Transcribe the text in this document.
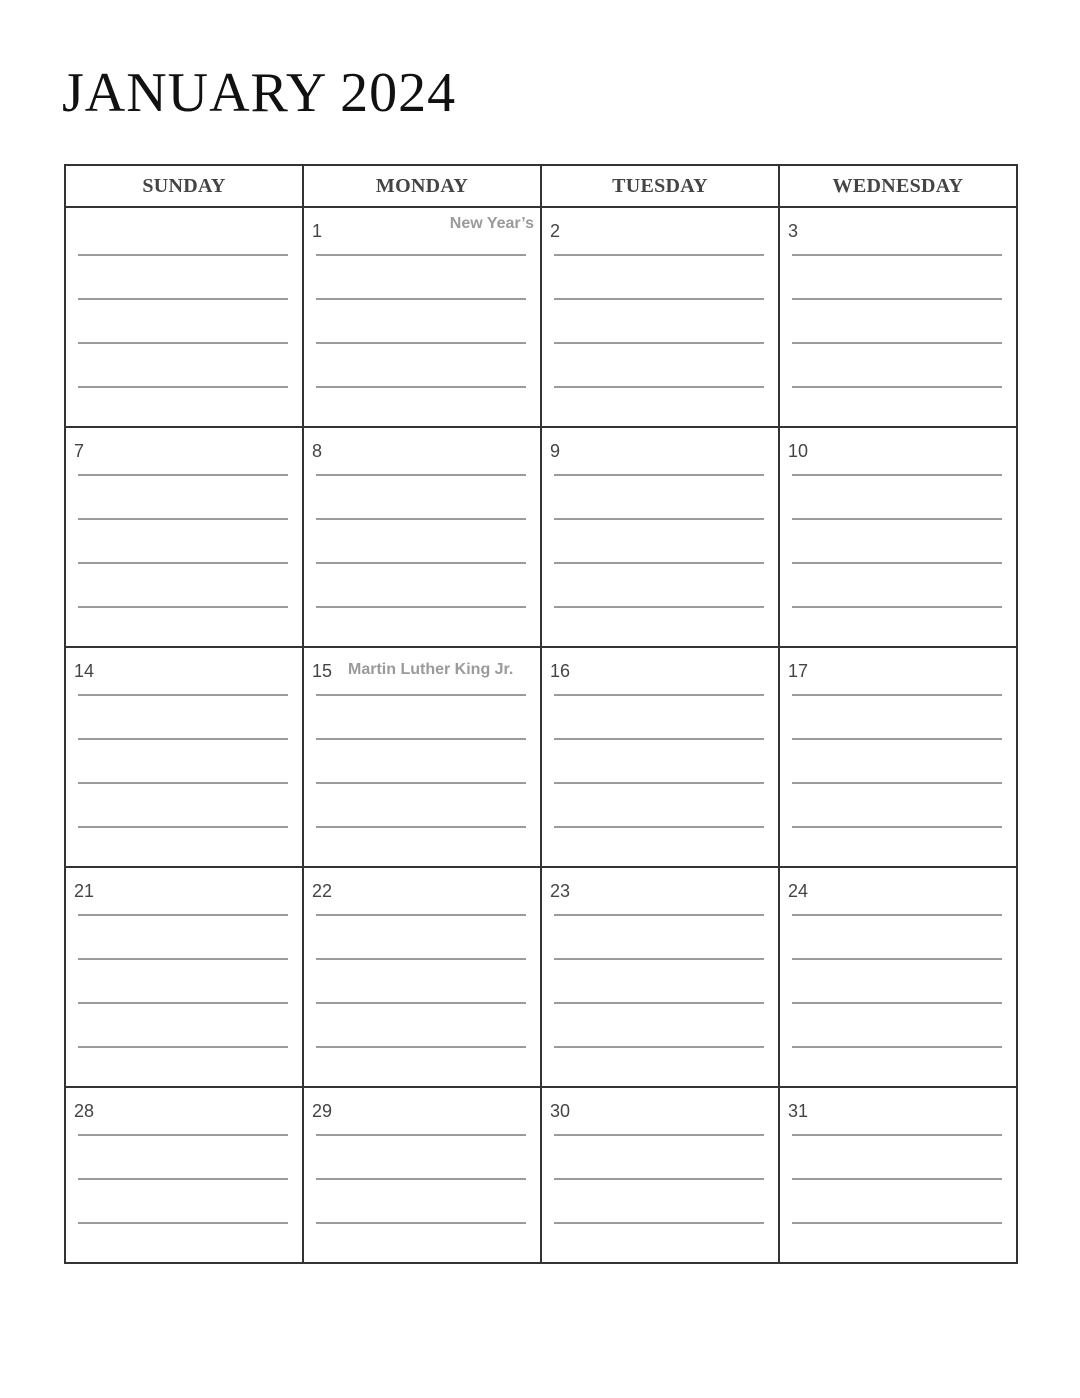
JANUARY 2024
SUNDAY	MONDAY	TUESDAY	WEDNESDAY

	1 New Year’s	2	3

7	8	9	10

14	15 Martin Luther King Jr.	16	17

21	22	23	24

28	29	30	31
